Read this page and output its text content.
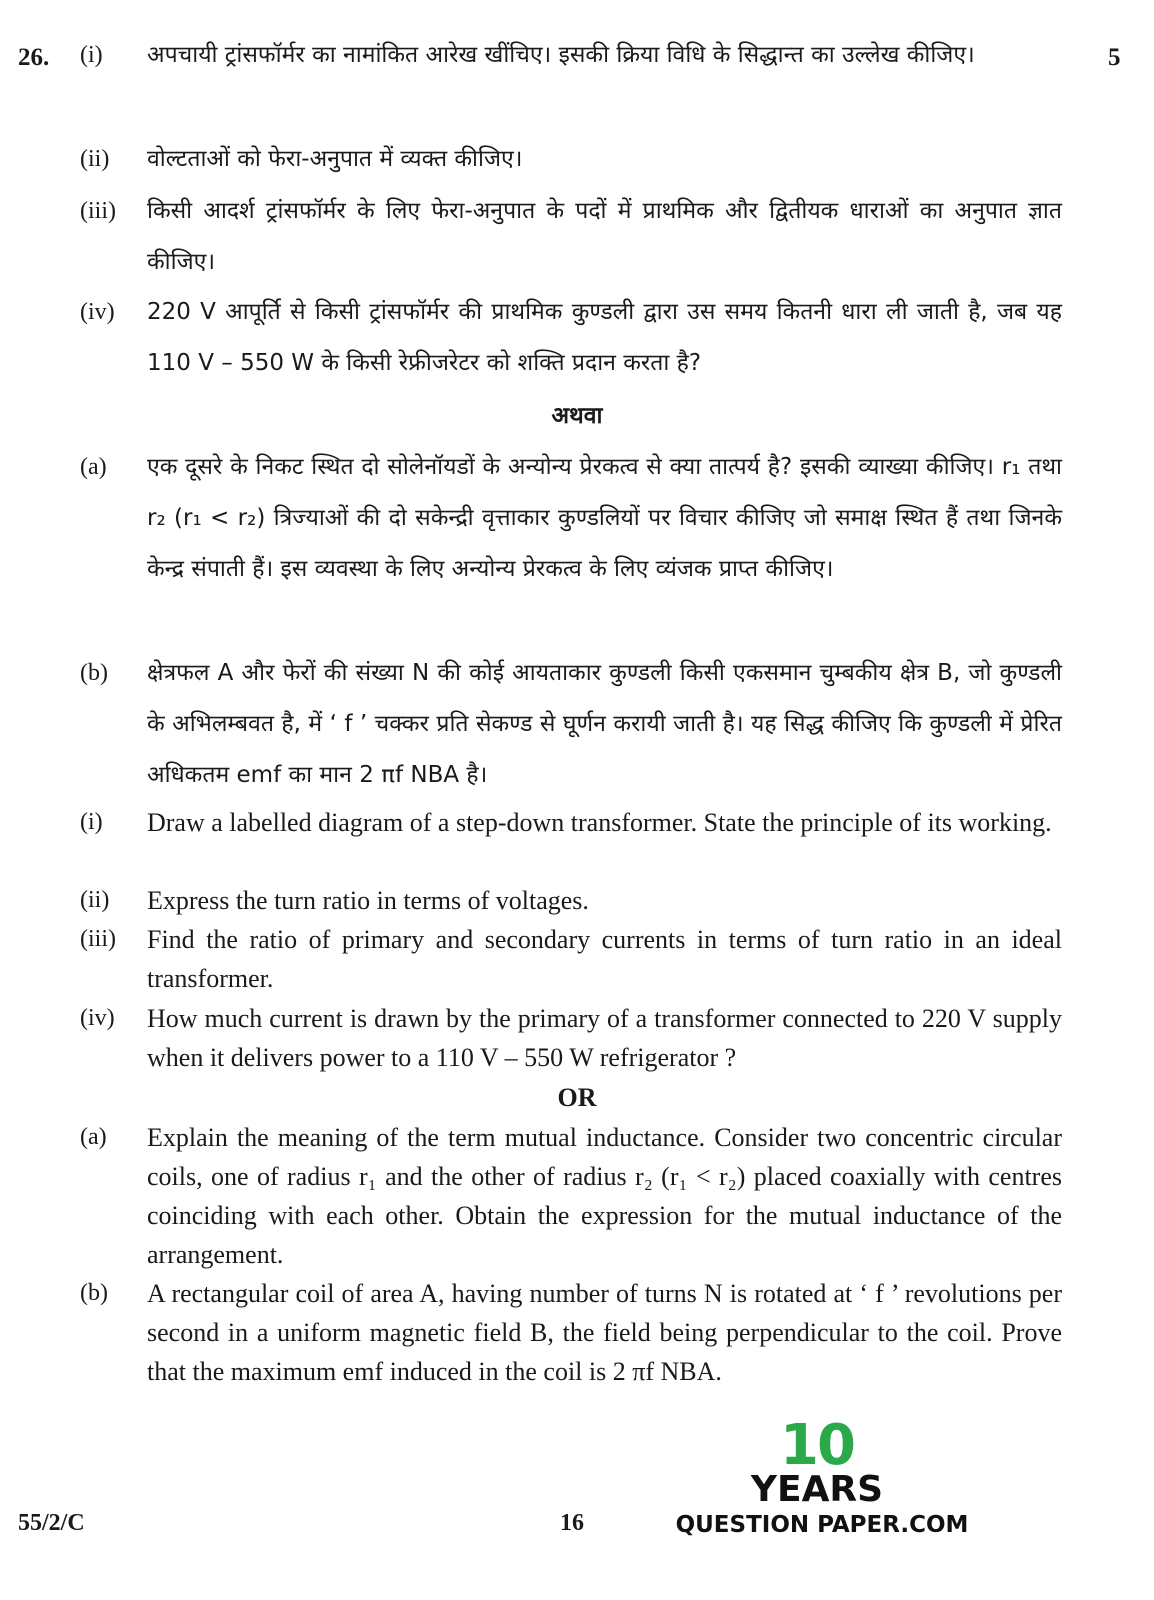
26.	5
(i) अपचायी ट्रांसफॉर्मर का नामांकित आरेख खींचिए। इसकी क्रिया विधि के सिद्धान्त का उल्लेख कीजिए।
(ii) वोल्टताओं को फेरा-अनुपात में व्यक्त कीजिए।
(iii) किसी आदर्श ट्रांसफॉर्मर के लिए फेरा-अनुपात के पदों में प्राथमिक और द्वितीयक धाराओं का अनुपात ज्ञात कीजिए।
(iv) 220 V आपूर्ति से किसी ट्रांसफॉर्मर की प्राथमिक कुण्डली द्वारा उस समय कितनी धारा ली जाती है, जब यह 110 V – 550 W के किसी रेफ्रीजरेटर को शक्ति प्रदान करता है?
अथवा
(a) एक दूसरे के निकट स्थित दो सोलेनॉयडों के अन्योन्य प्रेरकत्व से क्या तात्पर्य है? इसकी व्याख्या कीजिए। r₁ तथा r₂ (r₁ < r₂) त्रिज्याओं की दो सकेन्द्री वृत्ताकार कुण्डलियों पर विचार कीजिए जो समाक्ष स्थित हैं तथा जिनके केन्द्र संपाती हैं। इस व्यवस्था के लिए अन्योन्य प्रेरकत्व के लिए व्यंजक प्राप्त कीजिए।
(b) क्षेत्रफल A और फेरों की संख्या N की कोई आयताकार कुण्डली किसी एकसमान चुम्बकीय क्षेत्र B, जो कुण्डली के अभिलम्बवत है, में ‘ f ’ चक्कर प्रति सेकण्ड से घूर्णन करायी जाती है। यह सिद्ध कीजिए कि कुण्डली में प्रेरित अधिकतम emf का मान 2 πf NBA है।
(i) Draw a labelled diagram of a step-down transformer. State the principle of its working.
(ii) Express the turn ratio in terms of voltages.
(iii) Find the ratio of primary and secondary currents in terms of turn ratio in an ideal transformer.
(iv) How much current is drawn by the primary of a transformer connected to 220 V supply when it delivers power to a 110 V – 550 W refrigerator ?
OR
(a) Explain the meaning of the term mutual inductance. Consider two concentric circular coils, one of radius r₁ and the other of radius r₂ (r₁ < r₂) placed coaxially with centres coinciding with each other. Obtain the expression for the mutual inductance of the arrangement.
(b) A rectangular coil of area A, having number of turns N is rotated at ‘ f ’ revolutions per second in a uniform magnetic field B, the field being perpendicular to the coil. Prove that the maximum emf induced in the coil is 2 πf NBA.
55/2/C	16
10
YEARS
QUESTION PAPER.COM
